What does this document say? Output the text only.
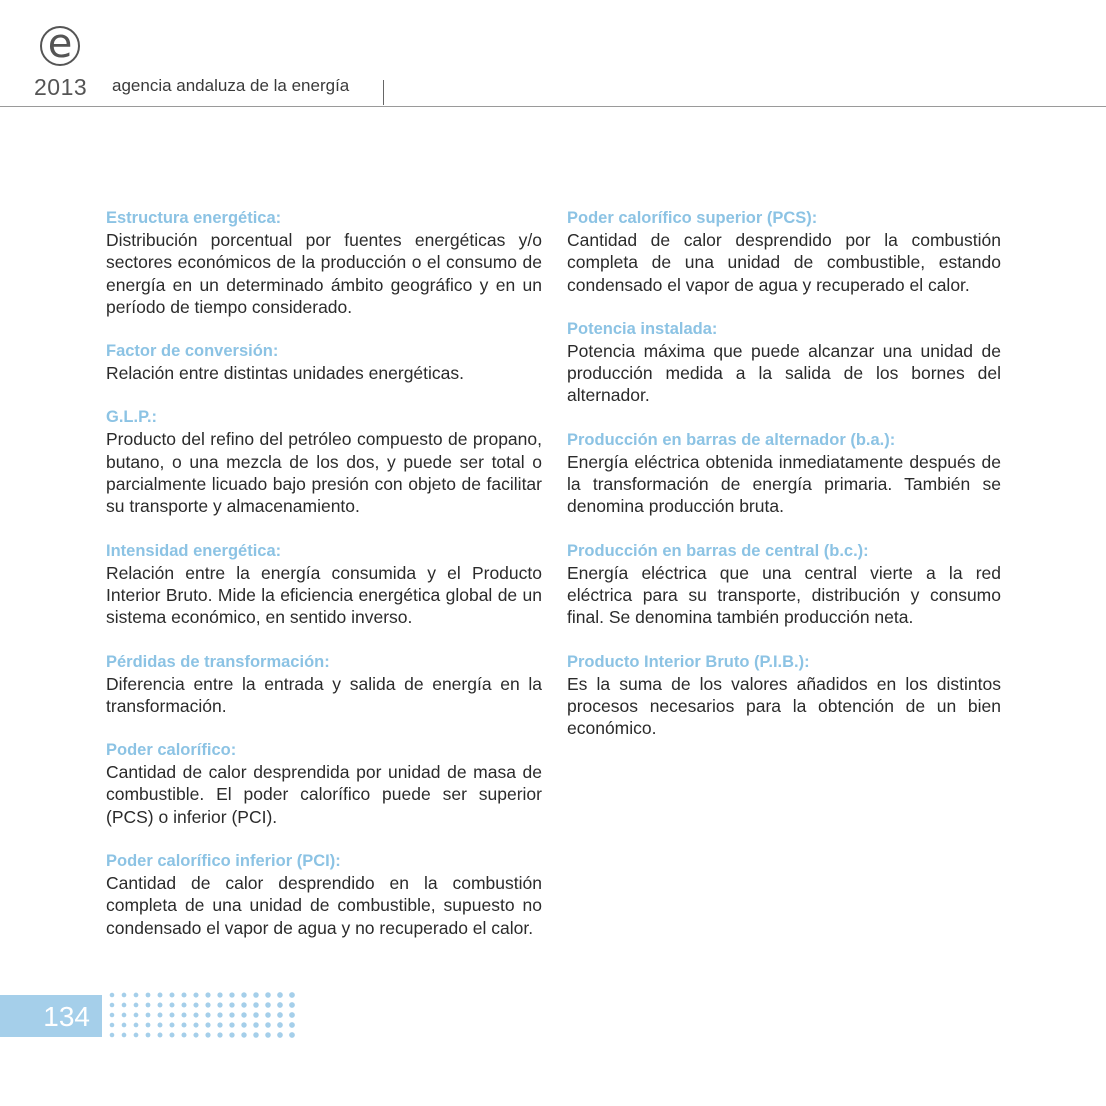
e
2013 agencia andaluza de la energía
Estructura energética:
Distribución porcentual por fuentes energéticas y/o sectores económicos de la producción o el consumo de energía en un determinado ámbito geográfico y en un período de tiempo considerado.
Factor de conversión:
Relación entre distintas unidades energéticas.
G.L.P.:
Producto del refino del petróleo compuesto de propano, butano, o una mezcla de los dos, y puede ser total o parcialmente licuado bajo presión con objeto de facilitar su transporte y almacenamiento.
Intensidad energética:
Relación entre la energía consumida y el Producto Interior Bruto. Mide la eficiencia energética global de un sistema económico, en sentido inverso.
Pérdidas de transformación:
Diferencia entre la entrada y salida de energía en la transformación.
Poder calorífico:
Cantidad de calor desprendida por unidad de masa de combustible. El poder calorífico puede ser superior (PCS) o inferior (PCI).
Poder calorífico inferior (PCI):
Cantidad de calor desprendido en la combustión completa de una unidad de combustible, supuesto no condensado el vapor de agua y no recuperado el calor.
Poder calorífico superior (PCS):
Cantidad de calor desprendido por la combustión completa de una unidad de combustible, estando condensado el vapor de agua y recuperado el calor.
Potencia instalada:
Potencia máxima que puede alcanzar una unidad de producción medida a la salida de los bornes del alternador.
Producción en barras de alternador (b.a.):
Energía eléctrica obtenida inmediatamente después de la transformación de energía primaria. También se denomina producción bruta.
Producción en barras de central (b.c.):
Energía eléctrica que una central vierte a la red eléctrica para su transporte, distribución y consumo final. Se denomina también producción neta.
Producto Interior Bruto (P.I.B.):
Es la suma de los valores añadidos en los distintos procesos necesarios para la obtención de un bien económico.
134
